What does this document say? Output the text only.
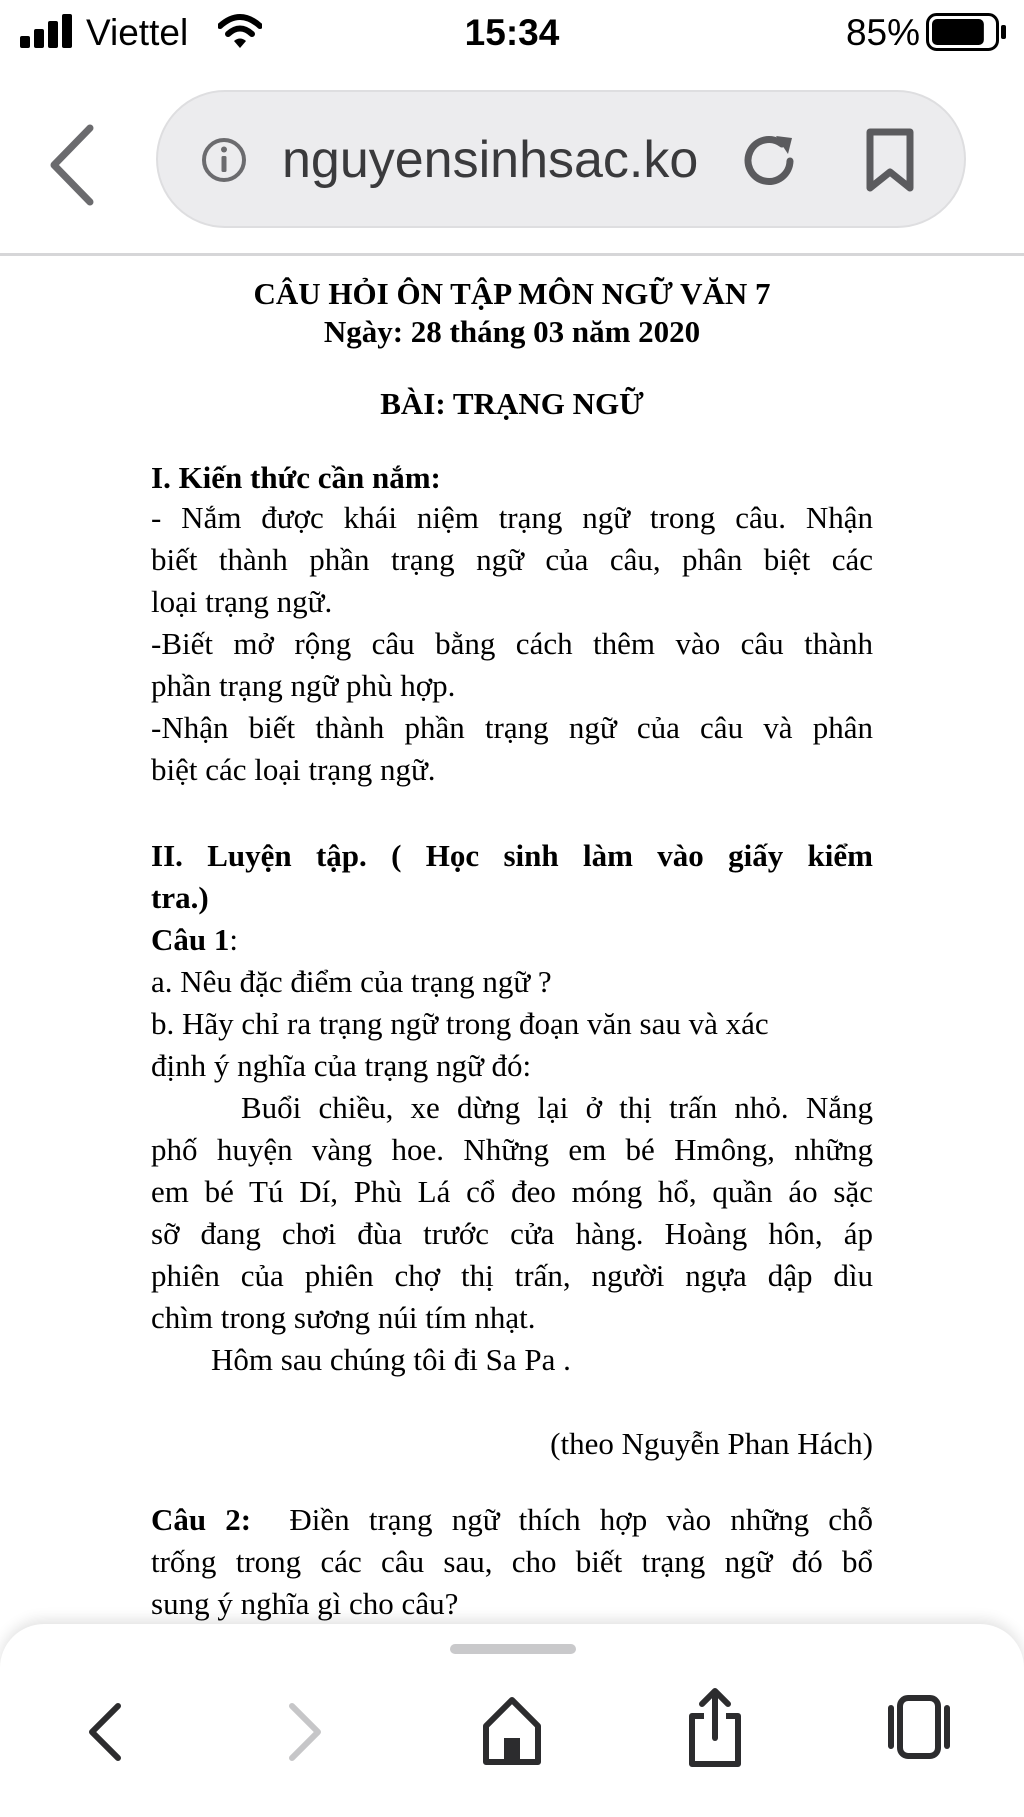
Viettel	15:34	85%
nguyensinhsac.ko
CÂU HỎI ÔN TẬP MÔN NGỮ VĂN 7
Ngày: 28 tháng 03 năm 2020
BÀI: TRẠNG NGỮ
I. Kiến thức cần nắm:
- Nắm được khái niệm trạng ngữ trong câu. Nhận
biết thành phần trạng ngữ của câu, phân biệt các
loại trạng ngữ.
-Biết mở rộng câu bằng cách thêm vào câu thành
phần trạng ngữ phù hợp.
-Nhận biết thành phần trạng ngữ của câu và phân
biệt các loại trạng ngữ.
II. Luyện tập. ( Học sinh làm vào giấy kiểm
tra.)
Câu 1:
a. Nêu đặc điểm của trạng ngữ ?
b. Hãy chỉ ra trạng ngữ trong đoạn văn sau và xác
định ý nghĩa của trạng ngữ đó:
Buổi chiều, xe dừng lại ở thị trấn nhỏ. Nắng
phố huyện vàng hoe. Những em bé Hmông, những
em bé Tú Dí, Phù Lá cổ đeo móng hổ, quần áo sặc
sỡ đang chơi đùa trước cửa hàng. Hoàng hôn, áp
phiên của phiên chợ thị trấn, người ngựa dập dìu
chìm trong sương núi tím nhạt.
Hôm sau chúng tôi đi Sa Pa .
(theo Nguyễn Phan Hách)
Câu 2:  Điền trạng ngữ thích hợp vào những chỗ
trống trong các câu sau, cho biết trạng ngữ đó bổ
sung ý nghĩa gì cho câu?
